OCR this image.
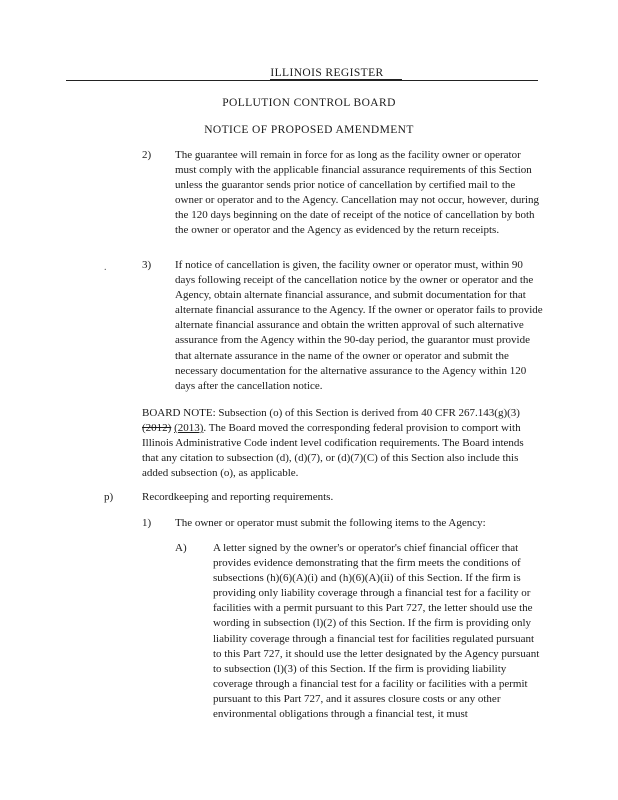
ILLINOIS REGISTER
POLLUTION CONTROL BOARD
NOTICE OF PROPOSED AMENDMENT
2) The guarantee will remain in force for as long as the facility owner or operator must comply with the applicable financial assurance requirements of this Section unless the guarantor sends prior notice of cancellation by certified mail to the owner or operator and to the Agency. Cancellation may not occur, however, during the 120 days beginning on the date of receipt of the notice of cancellation by both the owner or operator and the Agency as evidenced by the return receipts.
.	3) If notice of cancellation is given, the facility owner or operator must, within 90 days following receipt of the cancellation notice by the owner or operator and the Agency, obtain alternate financial assurance, and submit documentation for that alternate financial assurance to the Agency. If the owner or operator fails to provide alternate financial assurance and obtain the written approval of such alternative assurance from the Agency within the 90-day period, the guarantor must provide that alternate assurance in the name of the owner or operator and submit the necessary documentation for the alternative assurance to the Agency within 120 days after the cancellation notice.
BOARD NOTE: Subsection (o) of this Section is derived from 40 CFR 267.143(g)(3) (2012) (2013). The Board moved the corresponding federal provision to comport with Illinois Administrative Code indent level codification requirements. The Board intends that any citation to subsection (d), (d)(7), or (d)(7)(C) of this Section also include this added subsection (o), as applicable.
p)	Recordkeeping and reporting requirements.
1) The owner or operator must submit the following items to the Agency:
A) A letter signed by the owner's or operator's chief financial officer that provides evidence demonstrating that the firm meets the conditions of subsections (h)(6)(A)(i) and (h)(6)(A)(ii) of this Section. If the firm is providing only liability coverage through a financial test for a facility or facilities with a permit pursuant to this Part 727, the letter should use the wording in subsection (l)(2) of this Section. If the firm is providing only liability coverage through a financial test for facilities regulated pursuant to this Part 727, it should use the letter designated by the Agency pursuant to subsection (l)(3) of this Section. If the firm is providing liability coverage through a financial test for a facility or facilities with a permit pursuant to this Part 727, and it assures closure costs or any other environmental obligations through a financial test, it must
